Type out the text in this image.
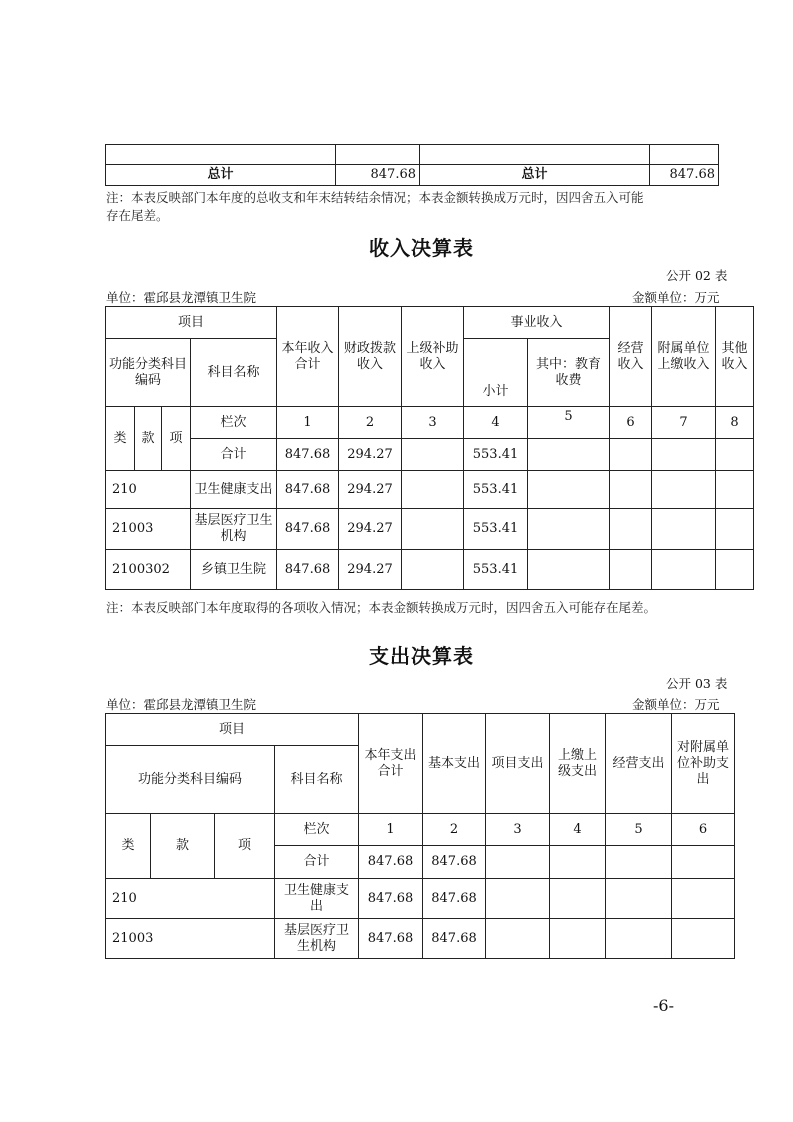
总计	847.68	总计	847.68
注：本表反映部门本年度的总收支和年末结转结余情况；本表金额转换成万元时，因四舍五入可能
存在尾差。
收入决算表
公开 02 表
单位：霍邱县龙潭镇卫生院	金额单位：万元
项目				本年收入合计	财政拨款收入	上级补助收入	事业收入		经营收入	附属单位上缴收入	其他收入
功能分类科目编码			科目名称				小计	其中：教育收费			

类	款	项	栏次	1	2	3	4	5	6	7	8
			合计	847.68	294.27		553.41				
210			卫生健康支出	847.68	294.27		553.41				
21003			基层医疗卫生机构	847.68	294.27		553.41				
2100302			乡镇卫生院	847.68	294.27		553.41				
注：本表反映部门本年度取得的各项收入情况；本表金额转换成万元时，因四舍五入可能存在尾差。
支出决算表
公开 03 表
单位：霍邱县龙潭镇卫生院	金额单位：万元
项目				本年支出合计	基本支出	项目支出	上缴上级支出	经营支出	对附属单位补助支出
功能分类科目编码			科目名称						
类	款	项	栏次	1	2	3	4	5	6
			合计	847.68	847.68				
210			卫生健康支出	847.68	847.68				
21003			基层医疗卫生机构	847.68	847.68				
-6-
